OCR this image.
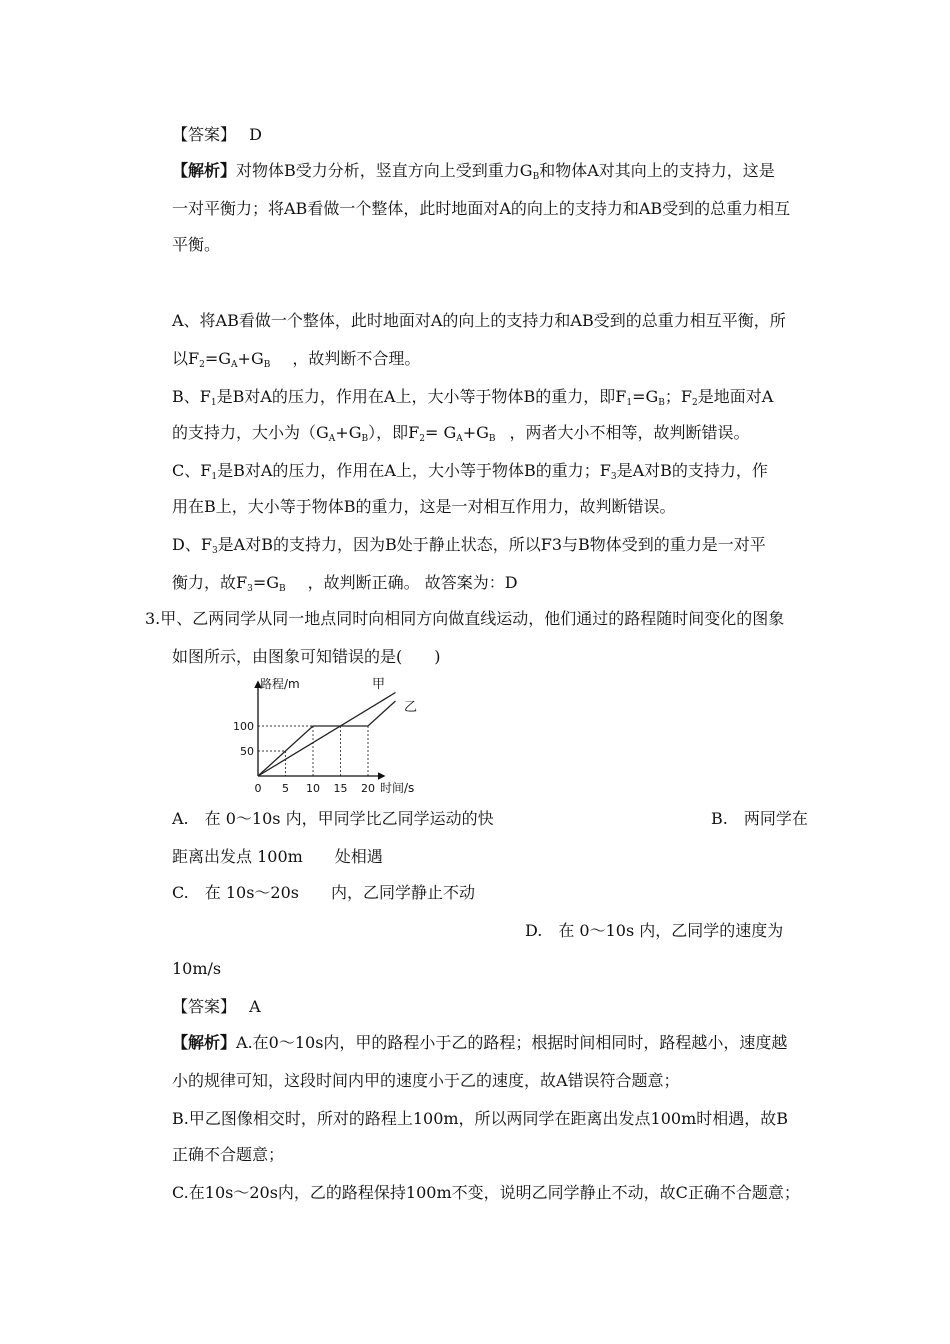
【答案】 D
【解析】对物体B受力分析，竖直方向上受到重力$G_B$和物体A对其向上的支持力，这是
一对平衡力；将AB看做一个整体，此时地面对A的向上的支持力和AB受到的总重力相互
平衡。
A、将AB看做一个整体，此时地面对A的向上的支持力和AB受到的总重力相互平衡，所
以$F_2=G_A+G_B$ ，故判断不合理。
B、$F_1$是B对A的压力，作用在A上，大小等于物体B的重力，即$F_1=G_B$；$F_2$是地面对A
的支持力，大小为$(G_A+G_B)$，即$F_2= G_A+G_B$ ，两者大小不相等，故判断错误。
C、$F_1$是B对A的压力，作用在A上，大小等于物体B的重力；$F_3$是A对B的支持力，作
用在B上，大小等于物体B的重力，这是一对相互作用力，故判断错误。
D、$F_3$是A对B的支持力，因为B处于静止状态，所以F3与B物体受到的重力是一对平
衡力，故$F_3=G_B$ ，故判断正确。 故答案为：D
3.甲、乙两同学从同一地点同时向相同方向做直线运动，他们通过的路程随时间变化的图象
如图所示，由图象可知错误的是(　　)
0 5 10 15 20
50
100
路程/m
时间/s
甲
乙
A.　在 0～10s 内，甲同学比乙同学运动的快	B.　两同学在
距离出发点 100m　　处相遇
C.　在 10s～20s　　内，乙同学静止不动
D.　在 0～10s 内，乙同学的速度为
10m/s
【答案】 A
【解析】A.在0～10s内，甲的路程小于乙的路程；根据时间相同时，路程越小，速度越
小的规律可知，这段时间内甲的速度小于乙的速度，故A错误符合题意；
B.甲乙图像相交时，所对的路程上100m，所以两同学在距离出发点100m时相遇，故B
正确不合题意；
C.在10s～20s内，乙的路程保持100m不变，说明乙同学静止不动，故C正确不合题意；
